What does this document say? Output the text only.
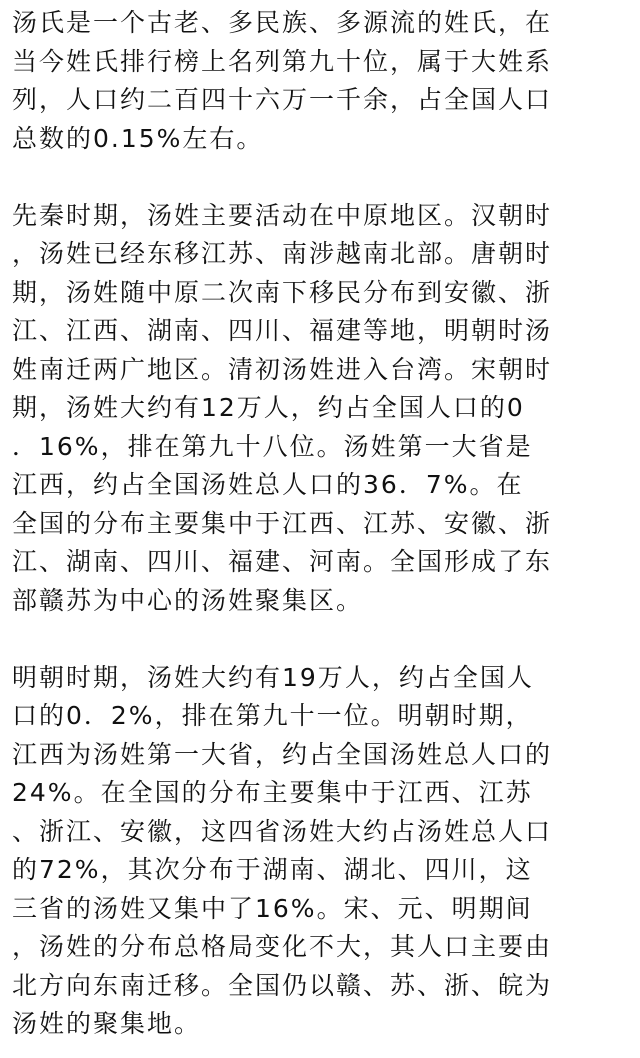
汤氏是一个古老、多民族、多源流的姓氏，在
当今姓氏排行榜上名列第九十位，属于大姓系
列，人口约二百四十六万一千余，占全国人口
总数的0.15%左右。
先秦时期，汤姓主要活动在中原地区。汉朝时
，汤姓已经东移江苏、南涉越南北部。唐朝时
期，汤姓随中原二次南下移民分布到安徽、浙
江、江西、湖南、四川、福建等地，明朝时汤
姓南迁两广地区。清初汤姓进入台湾。宋朝时
期，汤姓大约有12万人，约占全国人口的0
．16%，排在第九十八位。汤姓第一大省是
江西，约占全国汤姓总人口的36．7%。在
全国的分布主要集中于江西、江苏、安徽、浙
江、湖南、四川、福建、河南。全国形成了东
部赣苏为中心的汤姓聚集区。
明朝时期，汤姓大约有19万人，约占全国人
口的0．2%，排在第九十一位。明朝时期，
江西为汤姓第一大省，约占全国汤姓总人口的
24%。在全国的分布主要集中于江西、江苏
、浙江、安徽，这四省汤姓大约占汤姓总人口
的72%，其次分布于湖南、湖北、四川，这
三省的汤姓又集中了16%。宋、元、明期间
，汤姓的分布总格局变化不大，其人口主要由
北方向东南迁移。全国仍以赣、苏、浙、皖为
汤姓的聚集地。
